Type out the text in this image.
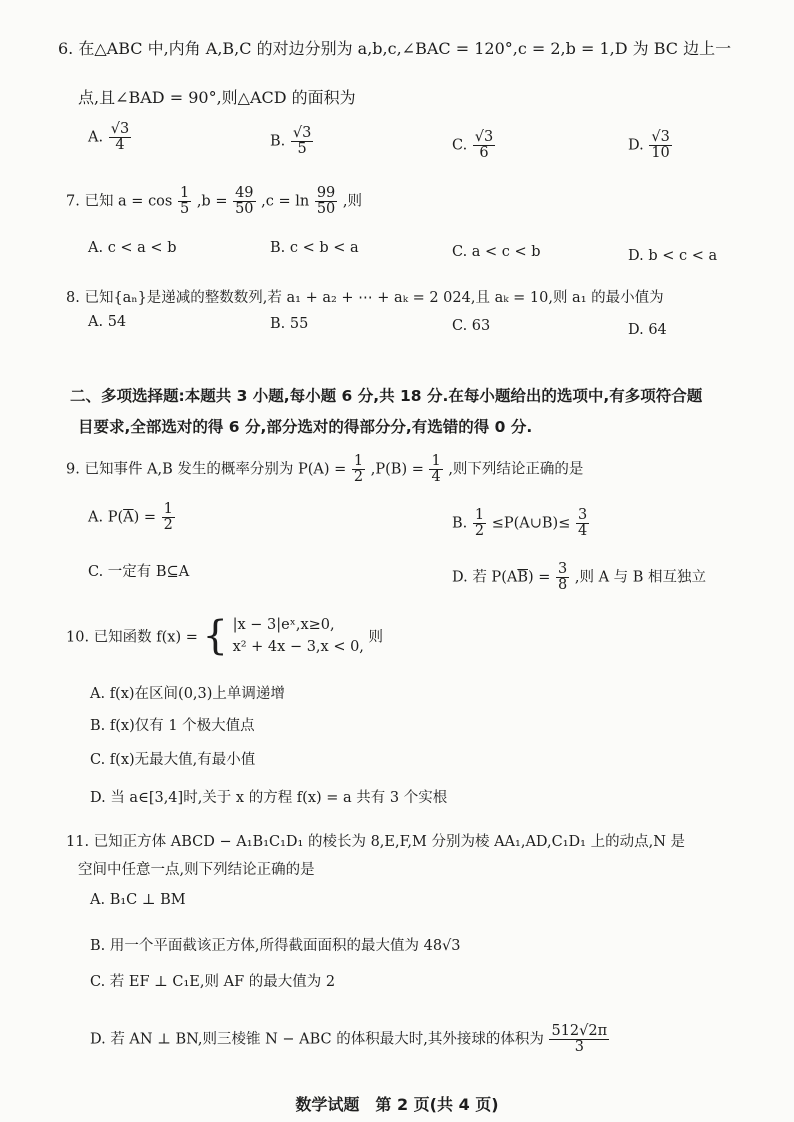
6. 在△ABC 中,内角 A,B,C 的对边分别为 a,b,c,∠BAC = 120°,c = 2,b = 1,D 为 BC 边上一
点,且∠BAD = 90°,则△ACD 的面积为
A. $\frac{√3}{4}$	B. $\frac{√3}{5}$	C. $\frac{√3}{6}$	D. $\frac{√3}{10}$
7. 已知 $a = \cos \frac{1}{5} ,b = \frac{49}{50} ,c = \ln \frac{99}{50}$ ,则
A. c < a < b	B. c < b < a	C. a < c < b	D. b < c < a
8. 已知{aₙ}是递减的整数数列,若 a₁ + a₂ + ⋯ + aₖ = 2 024,且 aₖ = 10,则 a₁ 的最小值为
A. 54	B. 55	C. 63	D. 64
二、多项选择题:本题共 3 小题,每小题 6 分,共 18 分.在每小题给出的选项中,有多项符合题
目要求,全部选对的得 6 分,部分选对的得部分分,有选错的得 0 分.
9. 已知事件 A,B 发生的概率分别为 $P(A) = \frac{1}{2} ,P(B) = \frac{1}{4}$ ,则下列结论正确的是
A. $P(\overline{A}) = \frac{1}{2}$	B. $\frac{1}{2}$ ≤P(A∪B)≤ $\frac{3}{4}$
C. 一定有 B⊆A	D. 若 $P(A\overline{B}) = \frac{3}{8}$ ,则 A 与 B 相互独立
10. 已知函数 f(x) = { |x − 3|eˣ,x≥0,
x² + 4x − 3,x < 0,
则
A. f(x)在区间(0,3)上单调递增
B. f(x)仅有 1 个极大值点
C. f(x)无最大值,有最小值
D. 当 a∈[3,4]时,关于 x 的方程 f(x) = a 共有 3 个实根
11. 已知正方体 ABCD − A₁B₁C₁D₁ 的棱长为 8,E,F,M 分别为棱 AA₁,AD,C₁D₁ 上的动点,N 是
空间中任意一点,则下列结论正确的是
A. B₁C ⊥ BM
B. 用一个平面截该正方体,所得截面面积的最大值为 48√3
C. 若 EF ⊥ C₁E,则 AF 的最大值为 2
D. 若 AN ⊥ BN,则三棱锥 N − ABC 的体积最大时,其外接球的体积为 $\frac{512√2\pi}{3}$
数学试题　第 2 页(共 4 页)
